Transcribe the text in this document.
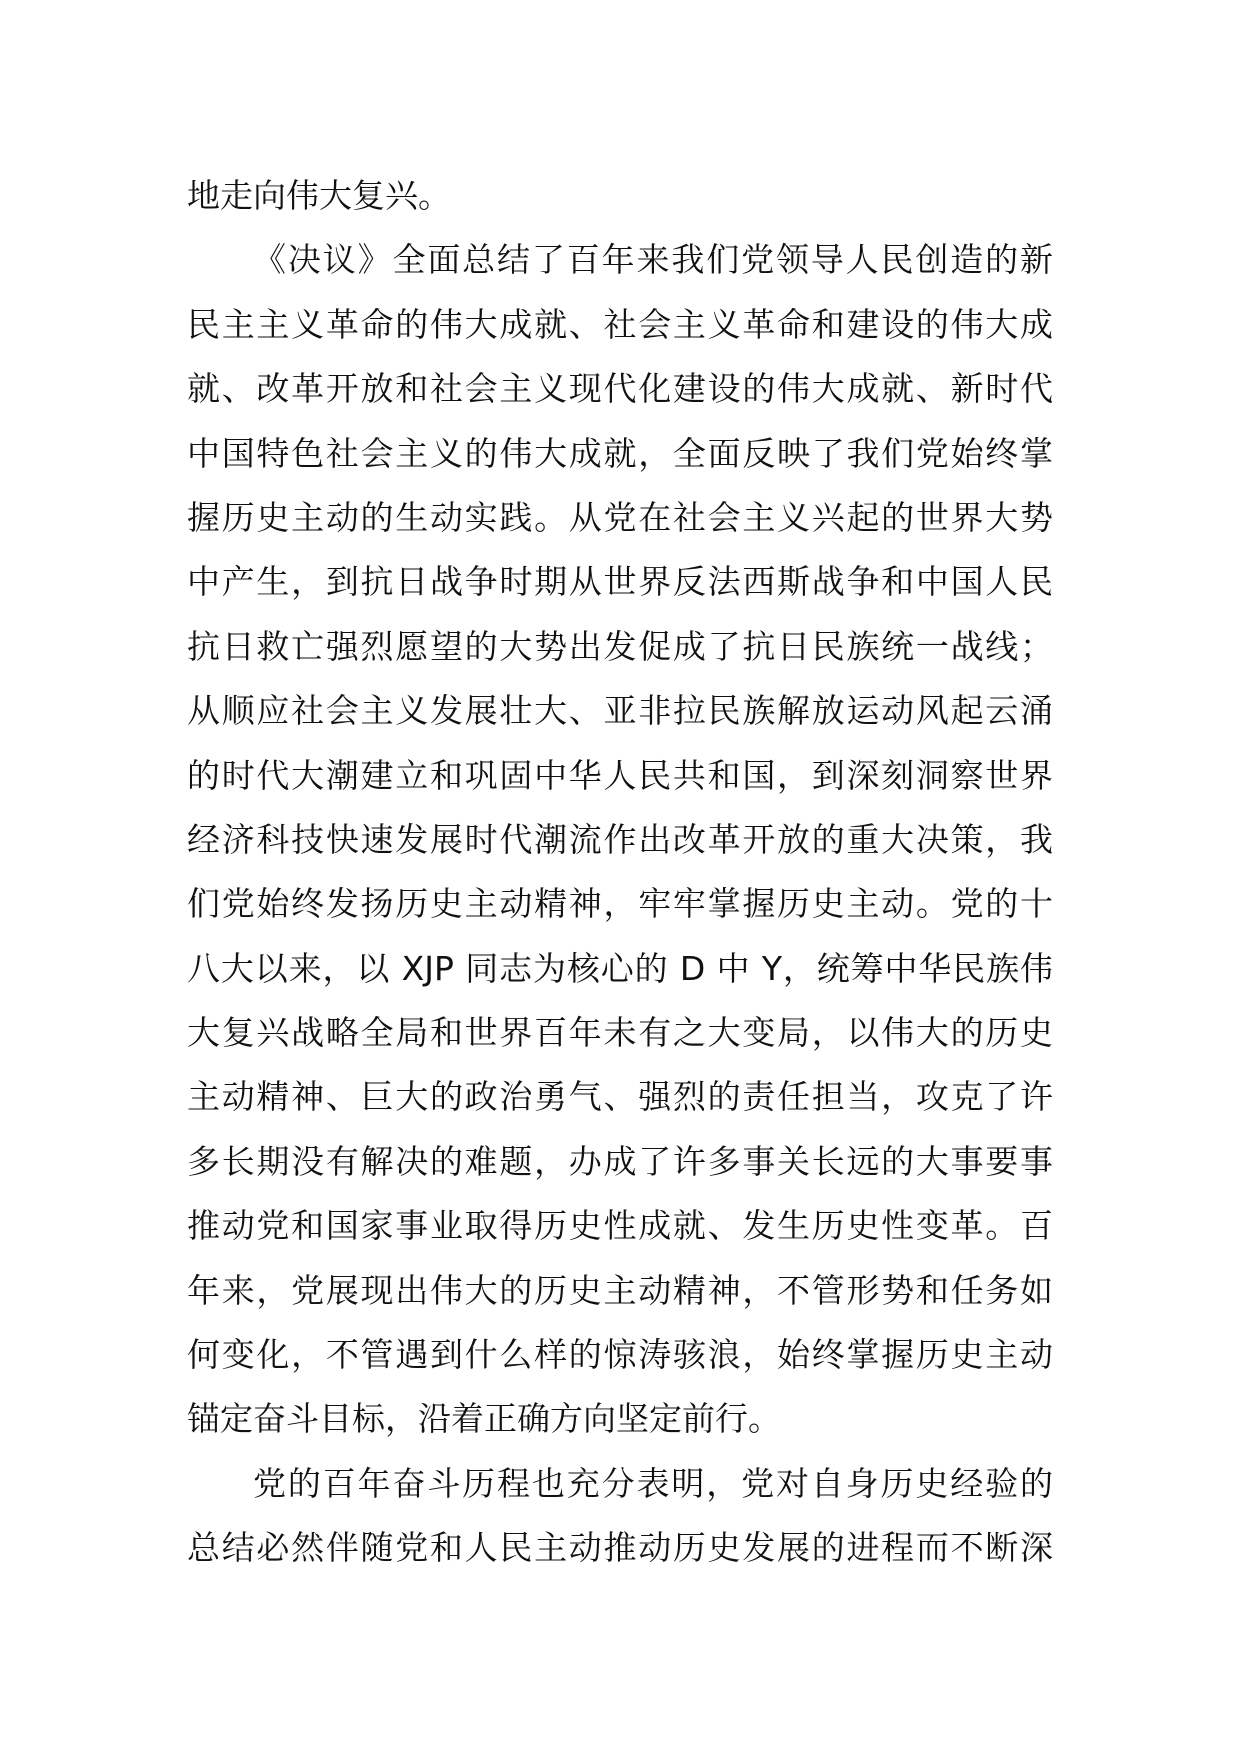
地走向伟大复兴。
《决议》全面总结了百年来我们党领导人民创造的新
民主主义革命的伟大成就、社会主义革命和建设的伟大成
就、改革开放和社会主义现代化建设的伟大成就、新时代
中国特色社会主义的伟大成就，全面反映了我们党始终掌
握历史主动的生动实践。从党在社会主义兴起的世界大势
中产生，到抗日战争时期从世界反法西斯战争和中国人民
抗日救亡强烈愿望的大势出发促成了抗日民族统一战线；
从顺应社会主义发展壮大、亚非拉民族解放运动风起云涌
的时代大潮建立和巩固中华人民共和国，到深刻洞察世界
经济科技快速发展时代潮流作出改革开放的重大决策，我
们党始终发扬历史主动精神，牢牢掌握历史主动。党的十
八大以来，以 XJP 同志为核心的 D 中 Y，统筹中华民族伟
大复兴战略全局和世界百年未有之大变局，以伟大的历史
主动精神、巨大的政治勇气、强烈的责任担当，攻克了许
多长期没有解决的难题，办成了许多事关长远的大事要事
推动党和国家事业取得历史性成就、发生历史性变革。百
年来，党展现出伟大的历史主动精神，不管形势和任务如
何变化，不管遇到什么样的惊涛骇浪，始终掌握历史主动
锚定奋斗目标，沿着正确方向坚定前行。
党的百年奋斗历程也充分表明，党对自身历史经验的
总结必然伴随党和人民主动推动历史发展的进程而不断深
